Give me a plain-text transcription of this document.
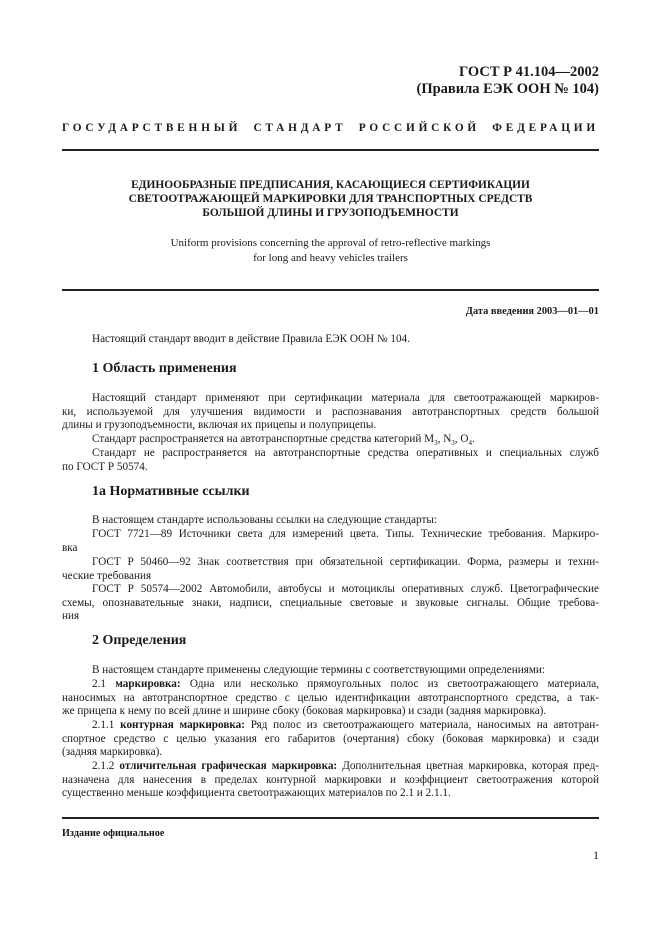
ГОСТ Р 41.104—2002
(Правила ЕЭК ООН № 104)
ГОСУДАРСТВЕННЫЙ СТАНДАРТ РОССИЙСКОЙ ФЕДЕРАЦИИ
ЕДИНООБРАЗНЫЕ ПРЕДПИСАНИЯ, КАСАЮЩИЕСЯ СЕРТИФИКАЦИИ
СВЕТООТРАЖАЮЩЕЙ МАРКИРОВКИ ДЛЯ ТРАНСПОРТНЫХ СРЕДСТВ
БОЛЬШОЙ ДЛИНЫ И ГРУЗОПОДЪЕМНОСТИ
Uniform provisions concerning the approval of retro-reflective markings
for long and heavy vehicles trailers
Дата введения 2003—01—01
Настоящий стандарт вводит в действие Правила ЕЭК ООН № 104.
1 Область применения
Настоящий стандарт применяют при сертификации материала для светоотражающей маркиров-
ки, используемой для улучшения видимости и распознавания автотранспортных средств большой
длины и грузоподъемности, включая их прицепы и полуприцепы.
Стандарт распространяется на автотранспортные средства категорий $M_3$, $N_3$, $O_4$.
Стандарт не распространяется на автотранспортные средства оперативных и специальных служб
по ГОСТ Р 50574.
1а Нормативные ссылки
В настоящем стандарте использованы ссылки на следующие стандарты:
ГОСТ 7721—89 Источники света для измерений цвета. Типы. Технические требования. Маркиро-
вка
ГОСТ Р 50460—92 Знак соответствия при обязательной сертификации. Форма, размеры и техни-
ческие требования
ГОСТ Р 50574—2002 Автомобили, автобусы и мотоциклы оперативных служб. Цветографические
схемы, опознавательные знаки, надписи, специальные световые и звуковые сигналы. Общие требова-
ния
2 Определения
В настоящем стандарте применены следующие термины с соответствующими определениями:
2.1 маркировка: Одна или несколько прямоугольных полос из светоотражающего материала,
наносимых на автотранспортное средство с целью идентификации автотранспортного средства, а так-
же прицепа к нему по всей длине и ширине сбоку (боковая маркировка) и сзади (задняя маркировка).
2.1.1 контурная маркировка: Ряд полос из светоотражающего материала, наносимых на автотран-
спортное средство с целью указания его габаритов (очертания) сбоку (боковая маркировка) и сзади
(задняя маркировка).
2.1.2 отличительная графическая маркировка: Дополнительная цветная маркировка, которая пред-
назначена для нанесения в пределах контурной маркировки и коэффициент светоотражения которой
существенно меньше коэффициента светоотражающих материалов по 2.1 и 2.1.1.
Издание официальное
1
